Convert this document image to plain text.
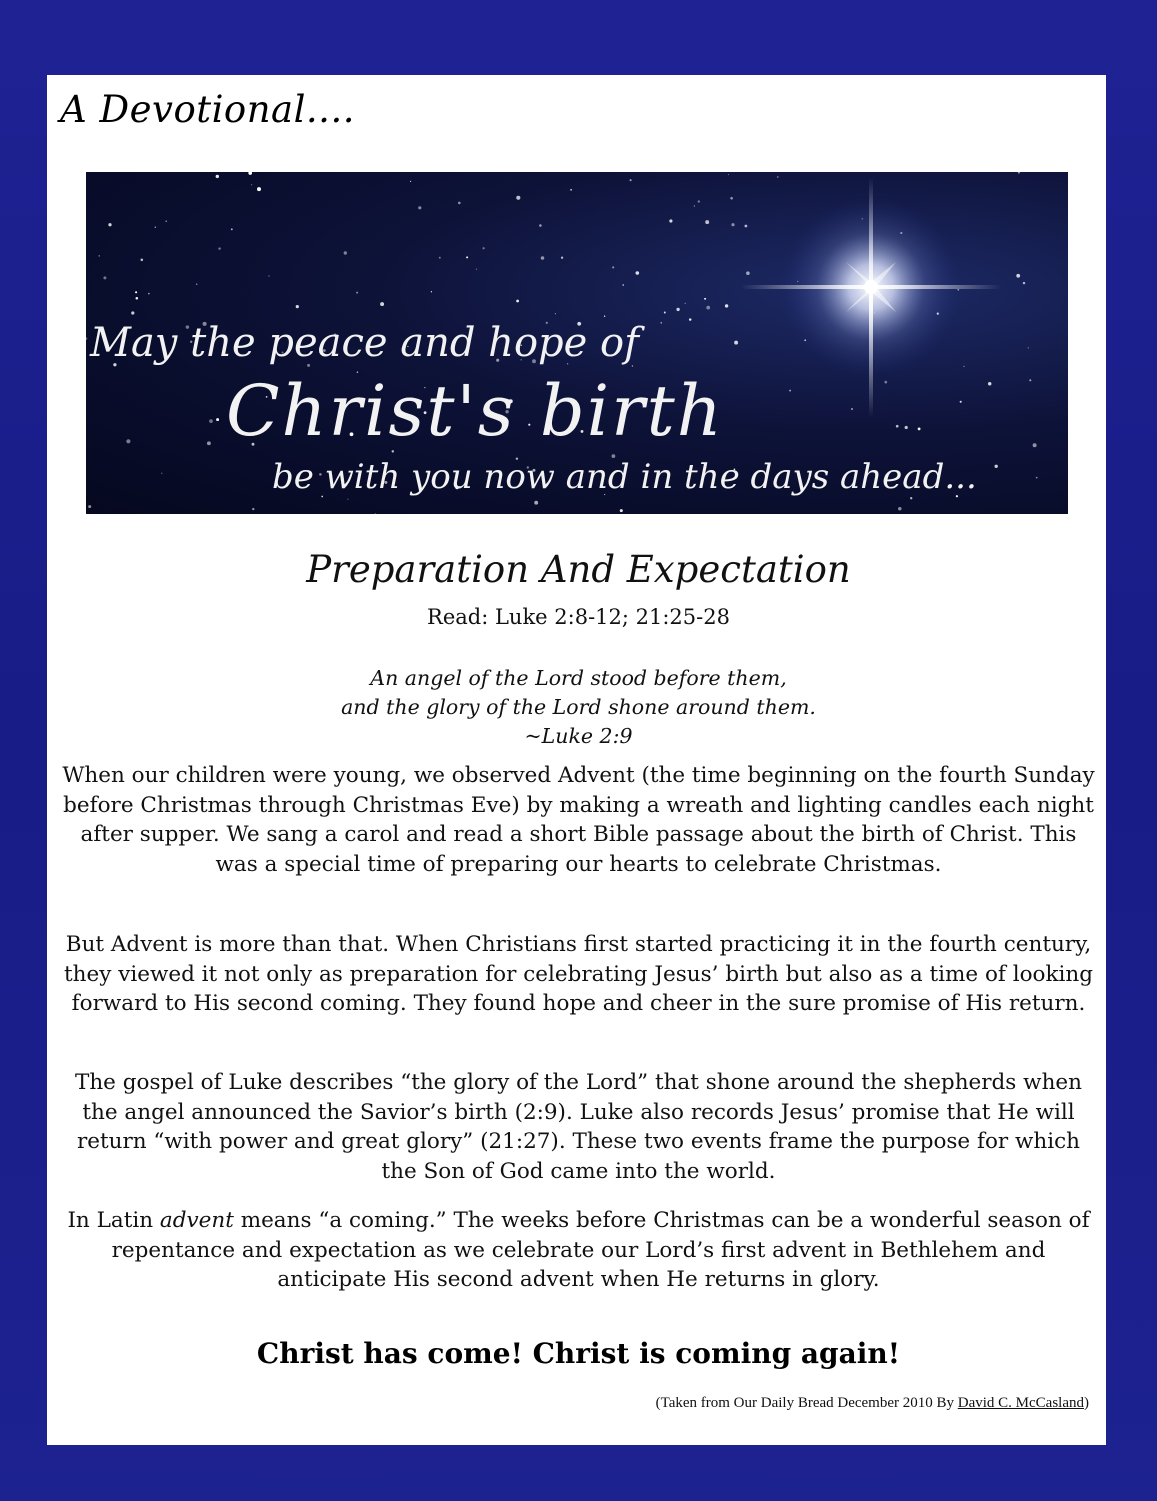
A Devotional....

May the peace and hope of

Christ's birth

be with you now and in the days ahead...

Preparation And Expectation

Read: Luke 2:8-12; 21:25-28

An angel of the Lord stood before them,
and the glory of the Lord shone around them.
~Luke 2:9

When our children were young, we observed Advent (the time beginning on the fourth Sunday before Christmas through Christmas Eve) by making a wreath and lighting candles each night after supper. We sang a carol and read a short Bible passage about the birth of Christ. This was a special time of preparing our hearts to celebrate Christmas.

But Advent is more than that. When Christians first started practicing it in the fourth century, they viewed it not only as preparation for celebrating Jesus’ birth but also as a time of looking forward to His second coming. They found hope and cheer in the sure promise of His return.

The gospel of Luke describes “the glory of the Lord” that shone around the shepherds when the angel announced the Savior’s birth (2:9). Luke also records Jesus’ promise that He will return “with power and great glory” (21:27). These two events frame the purpose for which the Son of God came into the world.

In Latin advent means “a coming.” The weeks before Christmas can be a wonderful season of repentance and expectation as we celebrate our Lord’s first advent in Bethlehem and anticipate His second advent when He returns in glory.

Christ has come! Christ is coming again!

(Taken from Our Daily Bread December 2010 By David C. McCasland)
